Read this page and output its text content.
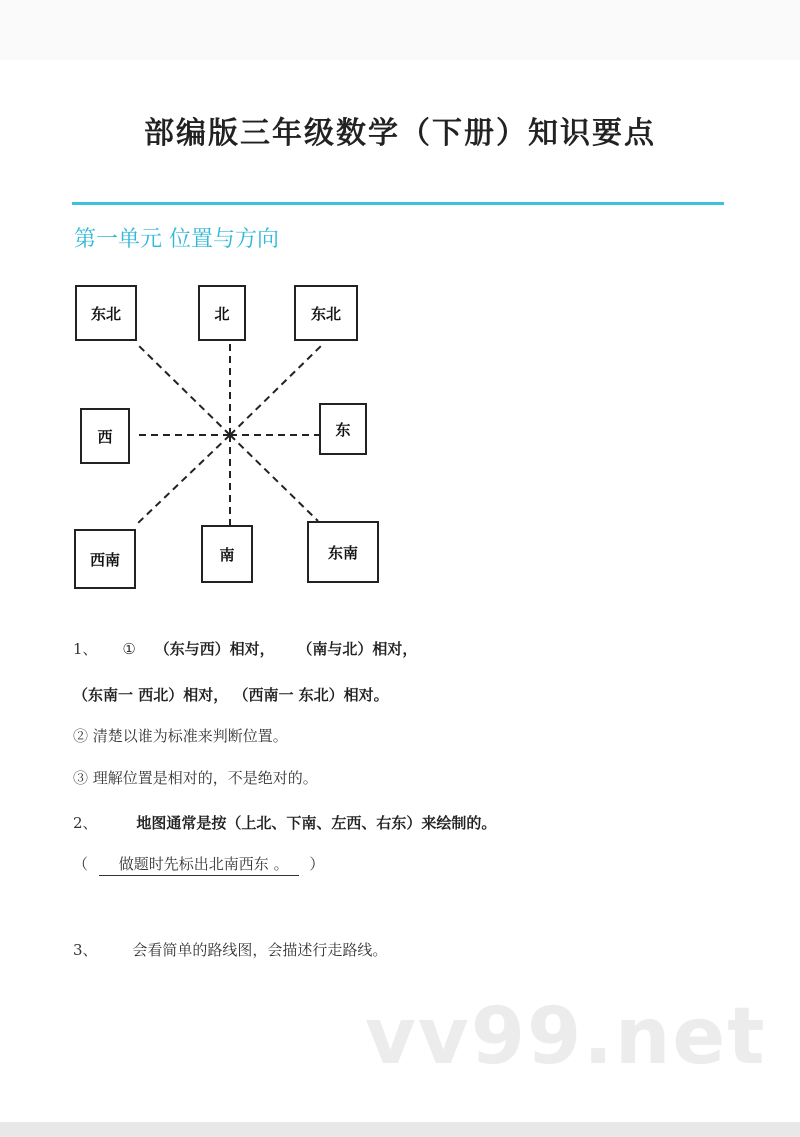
部编版三年级数学（下册）知识要点
第一单元 位置与方向
东北	北	东北
西	东
西南	南	东南
1、 ① （东与西）相对， （南与北）相对，
（东南一 西北）相对， （西南一 东北）相对。
② 清楚以谁为标准来判断位置。
③ 理解位置是相对的，不是绝对的。
2、	地图通常是按（上北、下南、左西、右东）来绘制的。
（ 做题时先标出北南西东 。 ）
3、 会看简单的路线图，会描述行走路线。
vv99.net
